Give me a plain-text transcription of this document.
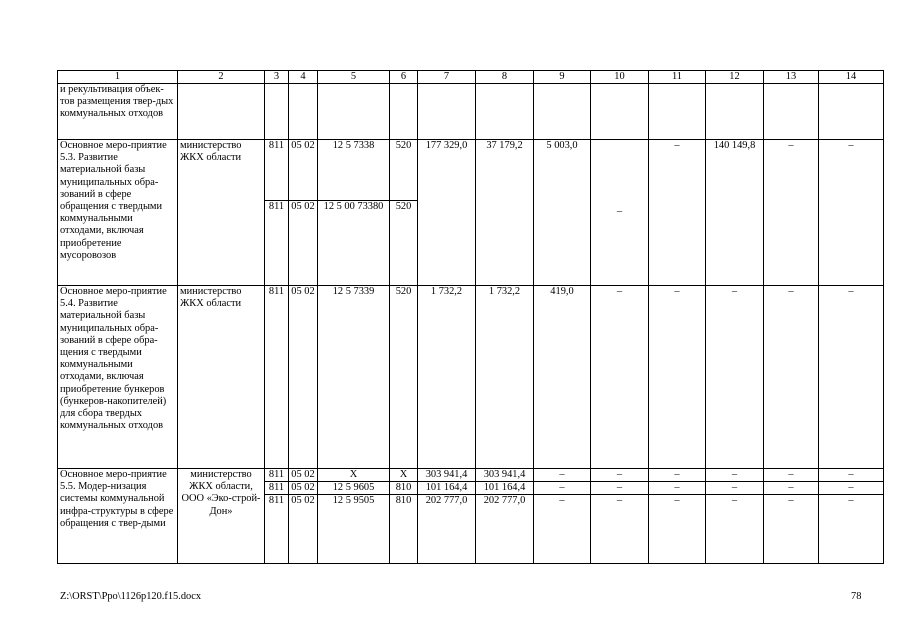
1	2	3	4	5	6	7	8	9	10	11	12	13	14
и рекультивация объек-тов размещения твер-дых коммунальных отходов													
Основное меро-приятие 5.3. Развитие материальной базы муниципальных обра-зований в сфере обращения с твердыми коммунальными отходами, включая приобретение мусоровозов	министерство ЖКХ области	811	05 02	12 5 7338	520	177 329,0	37 179,2	5 003,0	–	–	140 149,8	–	–
		811	05 02	12 5 00 73380	520								
Основное меро-приятие 5.4. Развитие материальной базы муниципальных обра-зований в сфере обра-щения с твердыми коммунальными отходами, включая приобретение бункеров (бункеров-накопителей) для сбора твердых коммунальных отходов	министерство ЖКХ области	811	05 02	12 5 7339	520	1 732,2	1 732,2	419,0	–	–	–	–	–
Основное меро-приятие 5.5. Модер-низация системы коммунальной инфра-структуры в сфере обращения с твер-дыми	министерство ЖКХ области, ООО «Эко-строй-Дон»	811	05 02	Х	Х	303 941,4	303 941,4	–	–	–	–	–	–
		811	05 02	12 5 9605	810	101 164,4	101 164,4	–	–	–	–	–	–
		811	05 02	12 5 9505	810	202 777,0	202 777,0	–	–	–	–	–	–
Z:\ORST\Ppo\1126p120.f15.docx	78
